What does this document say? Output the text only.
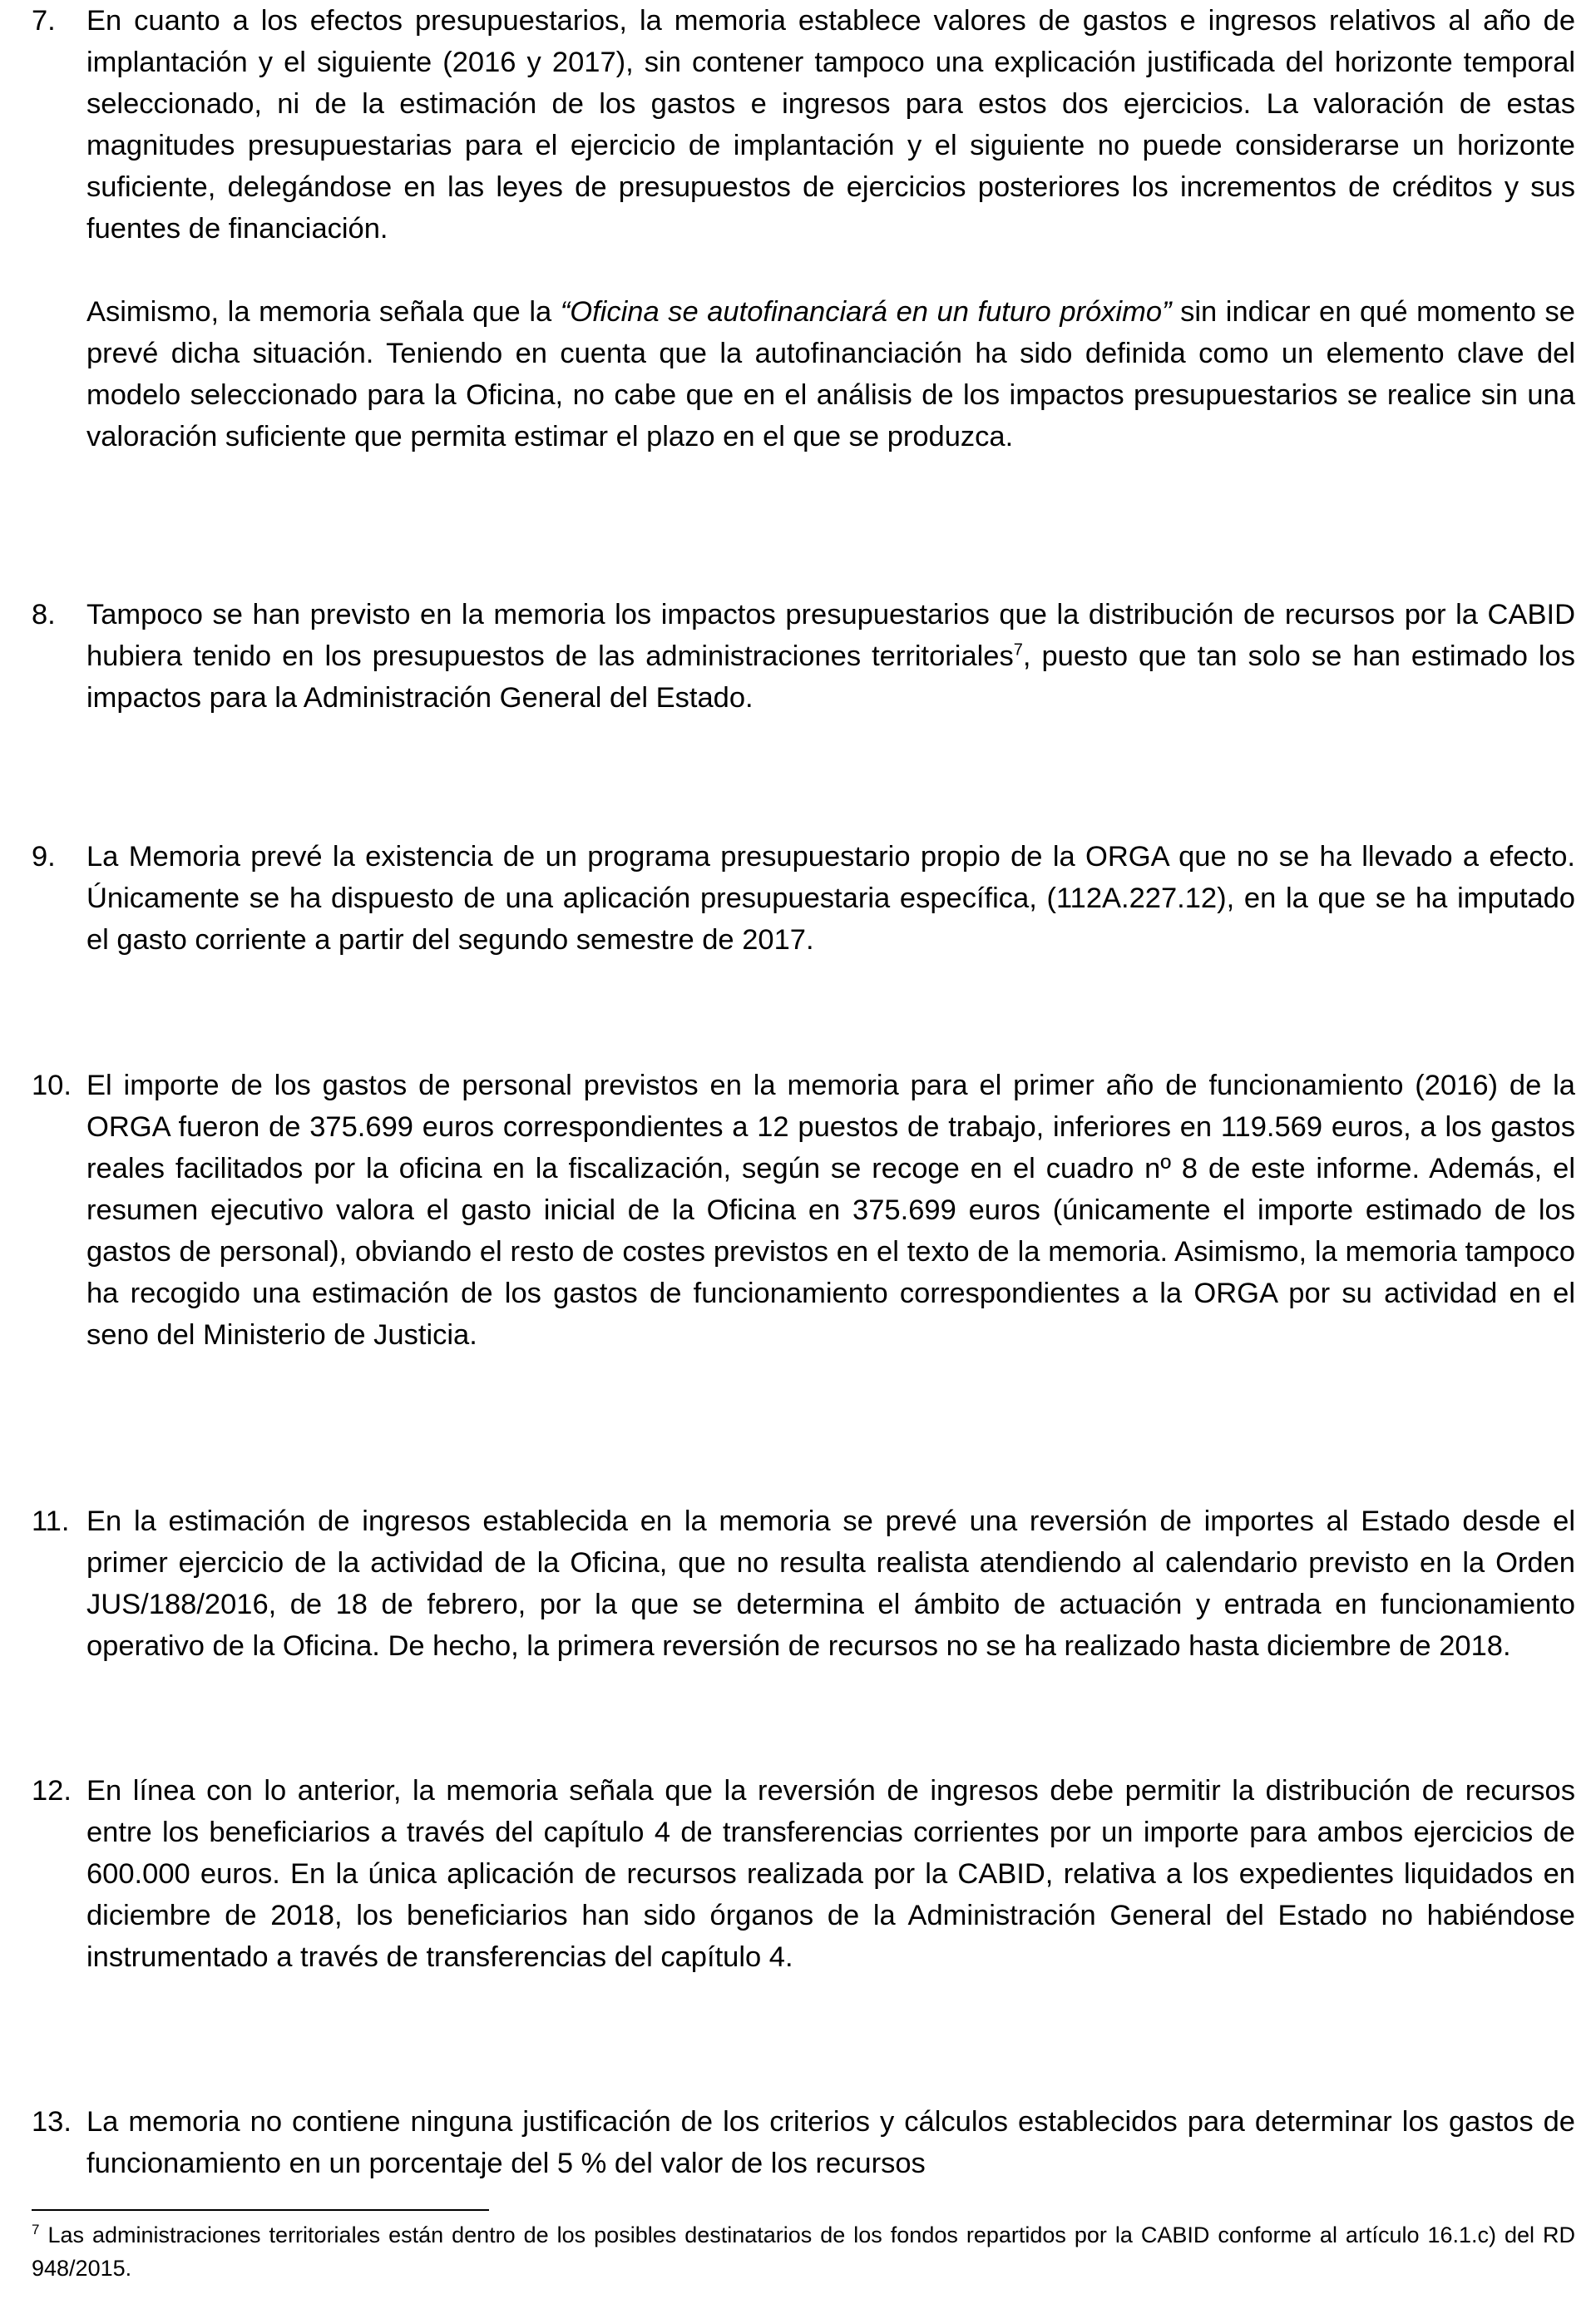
7. En cuanto a los efectos presupuestarios, la memoria establece valores de gastos e ingresos relativos al año de implantación y el siguiente (2016 y 2017), sin contener tampoco una explicación justificada del horizonte temporal seleccionado, ni de la estimación de los gastos e ingresos para estos dos ejercicios. La valoración de estas magnitudes presupuestarias para el ejercicio de implantación y el siguiente no puede considerarse un horizonte suficiente, delegándose en las leyes de presupuestos de ejercicios posteriores los incrementos de créditos y sus fuentes de financiación.

Asimismo, la memoria señala que la “Oficina se autofinanciará en un futuro próximo” sin indicar en qué momento se prevé dicha situación. Teniendo en cuenta que la autofinanciación ha sido definida como un elemento clave del modelo seleccionado para la Oficina, no cabe que en el análisis de los impactos presupuestarios se realice sin una valoración suficiente que permita estimar el plazo en el que se produzca.

8. Tampoco se han previsto en la memoria los impactos presupuestarios que la distribución de recursos por la CABID hubiera tenido en los presupuestos de las administraciones territoriales$^7$, puesto que tan solo se han estimado los impactos para la Administración General del Estado.

9. La Memoria prevé la existencia de un programa presupuestario propio de la ORGA que no se ha llevado a efecto. Únicamente se ha dispuesto de una aplicación presupuestaria específica, (112A.227.12), en la que se ha imputado el gasto corriente a partir del segundo semestre de 2017.

10. El importe de los gastos de personal previstos en la memoria para el primer año de funcionamiento (2016) de la ORGA fueron de 375.699 euros correspondientes a 12 puestos de trabajo, inferiores en 119.569 euros, a los gastos reales facilitados por la oficina en la fiscalización, según se recoge en el cuadro nº 8 de este informe. Además, el resumen ejecutivo valora el gasto inicial de la Oficina en 375.699 euros (únicamente el importe estimado de los gastos de personal), obviando el resto de costes previstos en el texto de la memoria. Asimismo, la memoria tampoco ha recogido una estimación de los gastos de funcionamiento correspondientes a la ORGA por su actividad en el seno del Ministerio de Justicia.

11. En la estimación de ingresos establecida en la memoria se prevé una reversión de importes al Estado desde el primer ejercicio de la actividad de la Oficina, que no resulta realista atendiendo al calendario previsto en la Orden JUS/188/2016, de 18 de febrero, por la que se determina el ámbito de actuación y entrada en funcionamiento operativo de la Oficina. De hecho, la primera reversión de recursos no se ha realizado hasta diciembre de 2018.

12. En línea con lo anterior, la memoria señala que la reversión de ingresos debe permitir la distribución de recursos entre los beneficiarios a través del capítulo 4 de transferencias corrientes por un importe para ambos ejercicios de 600.000 euros. En la única aplicación de recursos realizada por la CABID, relativa a los expedientes liquidados en diciembre de 2018, los beneficiarios han sido órganos de la Administración General del Estado no habiéndose instrumentado a través de transferencias del capítulo 4.

13. La memoria no contiene ninguna justificación de los criterios y cálculos establecidos para determinar los gastos de funcionamiento en un porcentaje del 5 % del valor de los recursos

$^7$ Las administraciones territoriales están dentro de los posibles destinatarios de los fondos repartidos por la CABID conforme al artículo 16.1.c) del RD 948/2015.
